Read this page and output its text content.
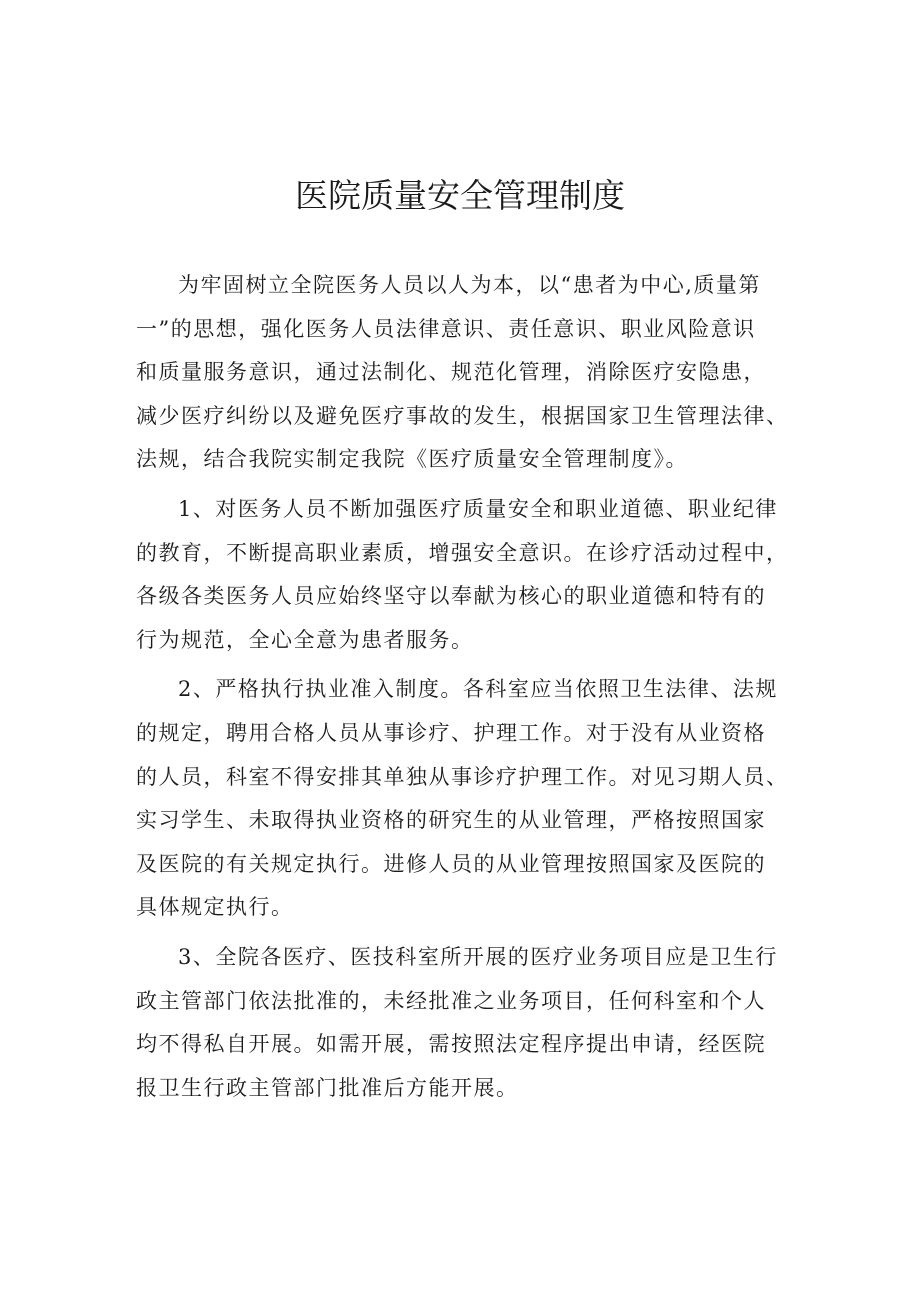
医院质量安全管理制度

为牢固树立全院医务人员以人为本，以“患者为中心,质量第
一”的思想，强化医务人员法律意识、责任意识、职业风险意识
和质量服务意识，通过法制化、规范化管理，消除医疗安隐患，
减少医疗纠纷以及避免医疗事故的发生，根据国家卫生管理法律、
法规，结合我院实制定我院《医疗质量安全管理制度》。

1、对医务人员不断加强医疗质量安全和职业道德、职业纪律
的教育，不断提高职业素质，增强安全意识。在诊疗活动过程中，
各级各类医务人员应始终坚守以奉献为核心的职业道德和特有的
行为规范，全心全意为患者服务。

2、严格执行执业准入制度。各科室应当依照卫生法律、法规
的规定，聘用合格人员从事诊疗、护理工作。对于没有从业资格
的人员，科室不得安排其单独从事诊疗护理工作。对见习期人员、
实习学生、未取得执业资格的研究生的从业管理，严格按照国家
及医院的有关规定执行。进修人员的从业管理按照国家及医院的
具体规定执行。

3、全院各医疗、医技科室所开展的医疗业务项目应是卫生行
政主管部门依法批准的，未经批准之业务项目，任何科室和个人
均不得私自开展。如需开展，需按照法定程序提出申请，经医院
报卫生行政主管部门批准后方能开展。
